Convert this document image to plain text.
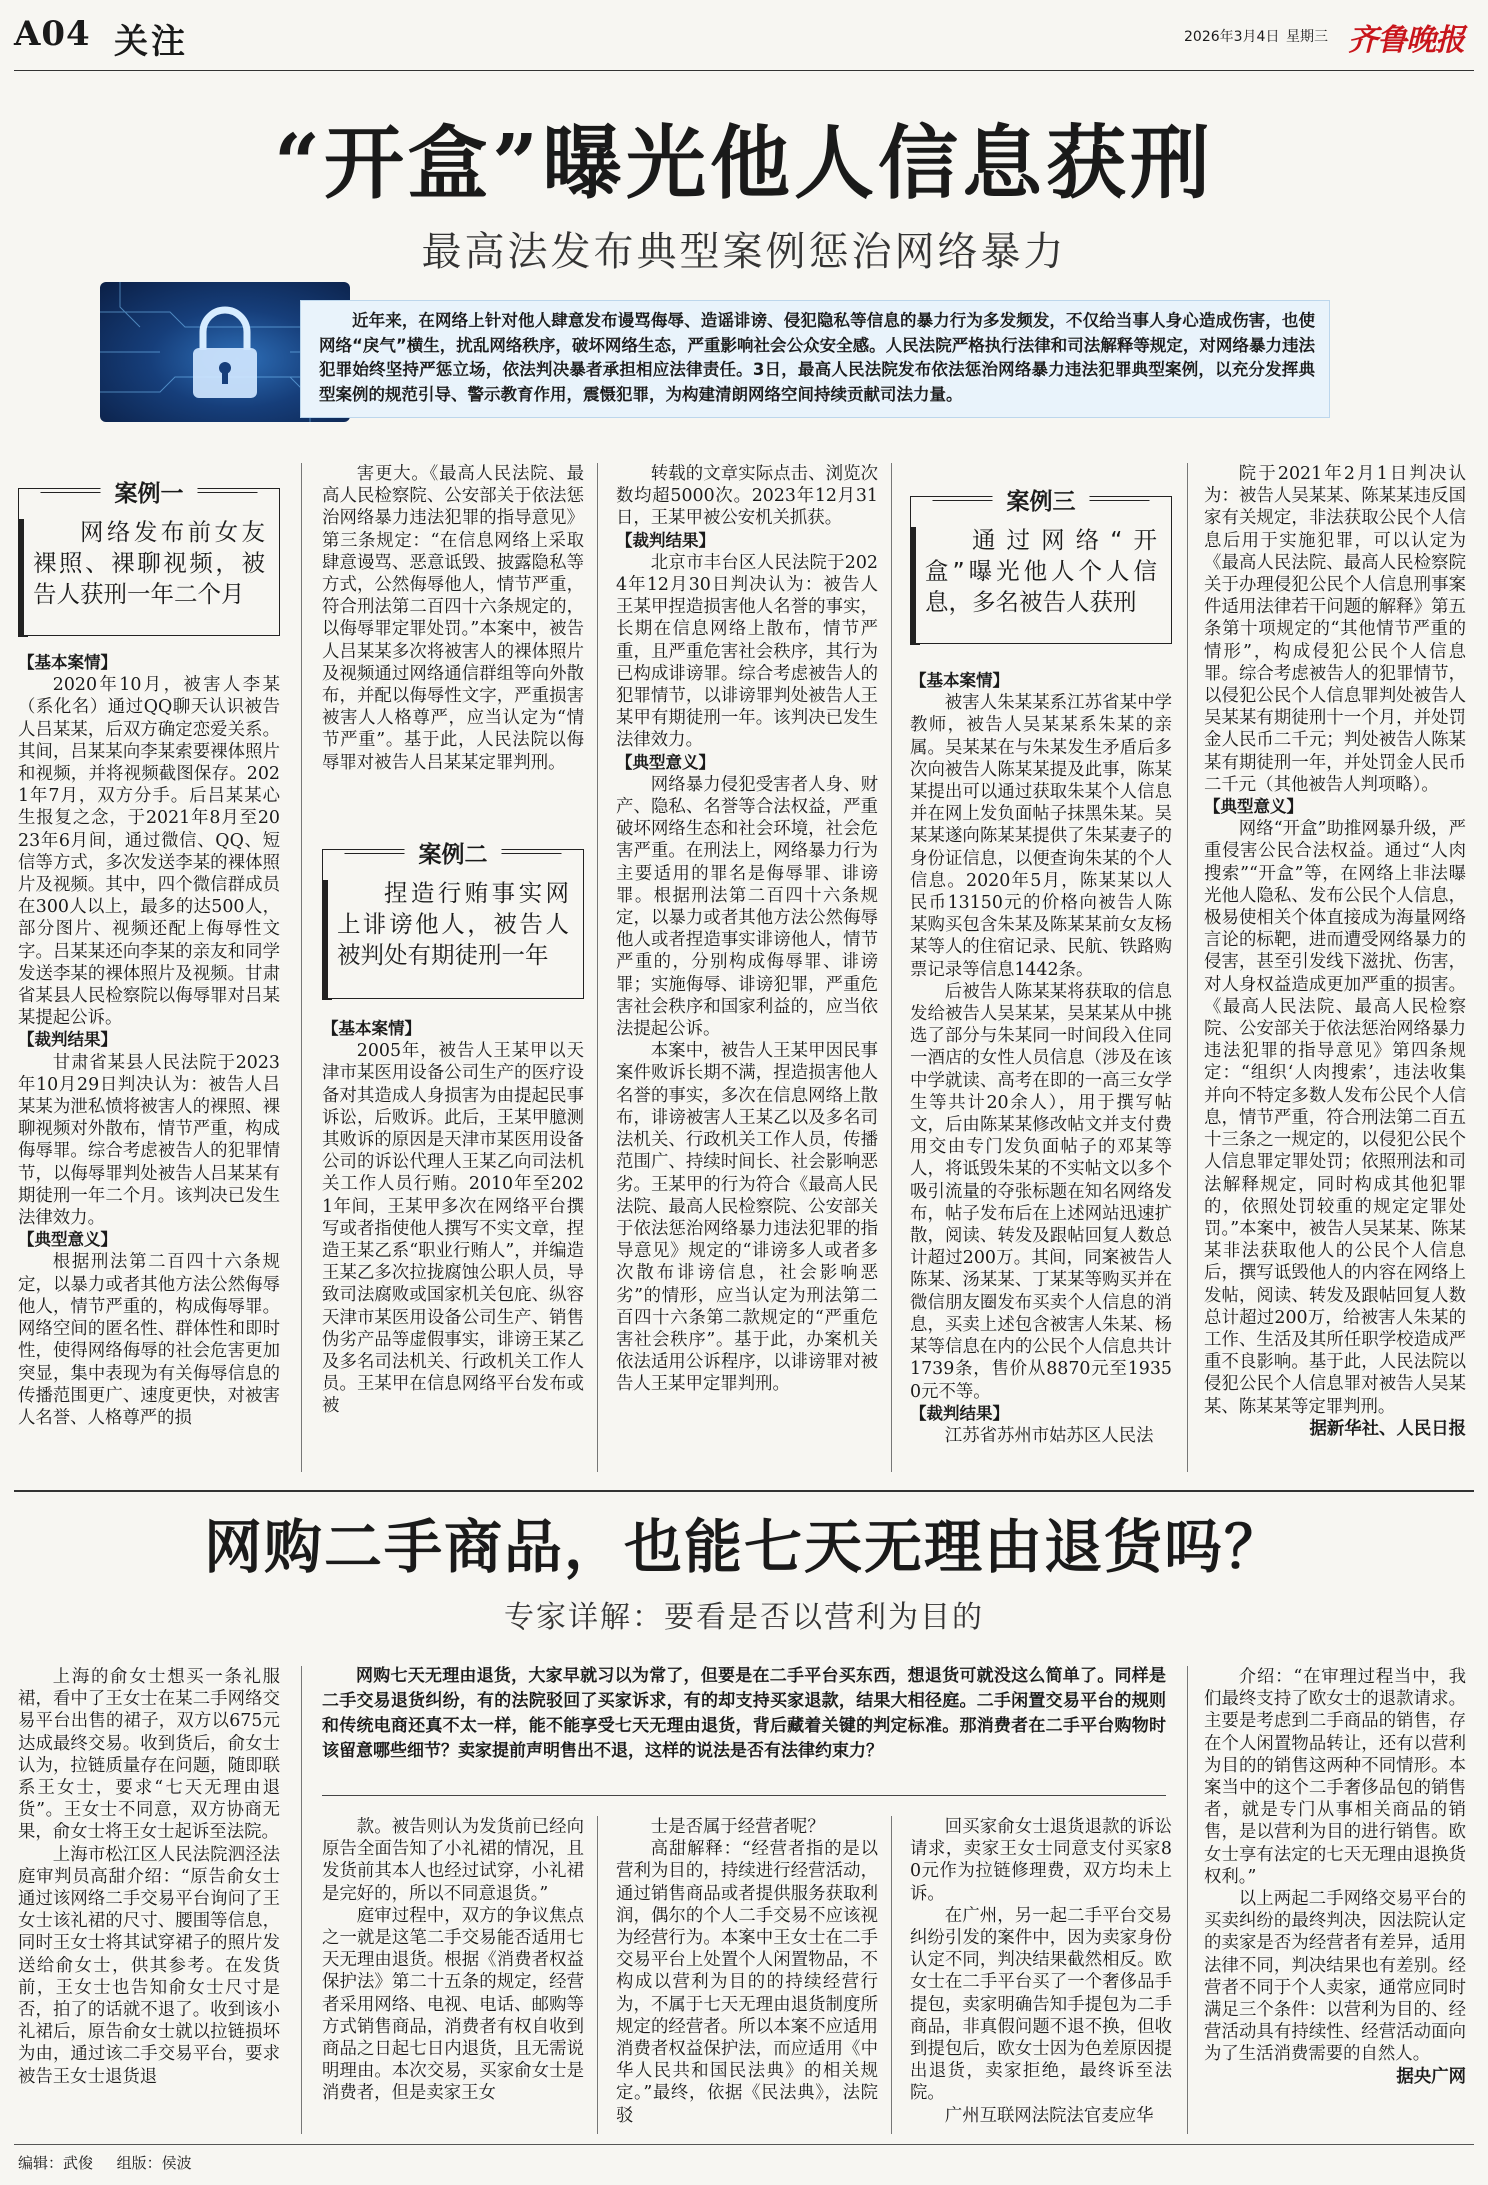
A04 关注	2026年3月4日 星期三 齐鲁晚报
“开盒”曝光他人信息获刑
最高法发布典型案例惩治网络暴力

近年来，在网络上针对他人肆意发布谩骂侮辱、造谣诽谤、侵犯隐私等信息的暴力行为多发频发，不仅给当事人身心造成伤害，也使网络“戾气”横生，扰乱网络秩序，破坏网络生态，严重影响社会公众安全感。人民法院严格执行法律和司法解释等规定，对网络暴力违法犯罪始终坚持严惩立场，依法判决暴者承担相应法律责任。3日，最高人民法院发布依法惩治网络暴力违法犯罪典型案例，以充分发挥典型案例的规范引导、警示教育作用，震慑犯罪，为构建清朗网络空间持续贡献司法力量。

案例一
网络发布前女友裸照、裸聊视频，被告人获刑一年二个月
案例二
捏造行贿事实网上诽谤他人，被告人被判处有期徒刑一年
案例三
通过网络“开盒”曝光他人个人信息，多名被告人获刑

【基本案情】

2020年10月，被害人李某（系化名）通过QQ聊天认识被告人吕某某，后双方确定恋爱关系。其间，吕某某向李某索要裸体照片和视频，并将视频截图保存。2021年7月，双方分手。后吕某某心生报复之念，于2021年8月至2023年6月间，通过微信、QQ、短信等方式，多次发送李某的裸体照片及视频。其中，四个微信群成员在300人以上，最多的达500人，部分图片、视频还配上侮辱性文字。吕某某还向李某的亲友和同学发送李某的裸体照片及视频。甘肃省某县人民检察院以侮辱罪对吕某某提起公诉。

【裁判结果】

甘肃省某县人民法院于2023年10月29日判决认为：被告人吕某某为泄私愤将被害人的裸照、裸聊视频对外散布，情节严重，构成侮辱罪。综合考虑被告人的犯罪情节，以侮辱罪判处被告人吕某某有期徒刑一年二个月。该判决已发生法律效力。

【典型意义】

根据刑法第二百四十六条规定，以暴力或者其他方法公然侮辱他人，情节严重的，构成侮辱罪。网络空间的匿名性、群体性和即时性，使得网络侮辱的社会危害更加突显，集中表现为有关侮辱信息的传播范围更广、速度更快，对被害人名誉、人格尊严的损

害更大。《最高人民法院、最高人民检察院、公安部关于依法惩治网络暴力违法犯罪的指导意见》第三条规定：“在信息网络上采取肆意谩骂、恶意诋毁、披露隐私等方式，公然侮辱他人，情节严重，符合刑法第二百四十六条规定的，以侮辱罪定罪处罚。”本案中，被告人吕某某多次将被害人的裸体照片及视频通过网络通信群组等向外散布，并配以侮辱性文字，严重损害被害人人格尊严，应当认定为“情节严重”。基于此，人民法院以侮辱罪对被告人吕某某定罪判刑。

【基本案情】

2005年，被告人王某甲以天津市某医用设备公司生产的医疗设备对其造成人身损害为由提起民事诉讼，后败诉。此后，王某甲臆测其败诉的原因是天津市某医用设备公司的诉讼代理人王某乙向司法机关工作人员行贿。2010年至2021年间，王某甲多次在网络平台撰写或者指使他人撰写不实文章，捏造王某乙系“职业行贿人”，并编造王某乙多次拉拢腐蚀公职人员，导致司法腐败或国家机关包庇、纵容天津市某医用设备公司生产、销售伪劣产品等虚假事实，诽谤王某乙及多名司法机关、行政机关工作人员。王某甲在信息网络平台发布或被

转载的文章实际点击、浏览次数均超5000次。2023年12月31日，王某甲被公安机关抓获。

【裁判结果】

北京市丰台区人民法院于2024年12月30日判决认为：被告人王某甲捏造损害他人名誉的事实，长期在信息网络上散布，情节严重，且严重危害社会秩序，其行为已构成诽谤罪。综合考虑被告人的犯罪情节，以诽谤罪判处被告人王某甲有期徒刑一年。该判决已发生法律效力。

【典型意义】

网络暴力侵犯受害者人身、财产、隐私、名誉等合法权益，严重破坏网络生态和社会环境，社会危害严重。在刑法上，网络暴力行为主要适用的罪名是侮辱罪、诽谤罪。根据刑法第二百四十六条规定，以暴力或者其他方法公然侮辱他人或者捏造事实诽谤他人，情节严重的，分别构成侮辱罪、诽谤罪；实施侮辱、诽谤犯罪，严重危害社会秩序和国家利益的，应当依法提起公诉。

本案中，被告人王某甲因民事案件败诉长期不满，捏造损害他人名誉的事实，多次在信息网络上散布，诽谤被害人王某乙以及多名司法机关、行政机关工作人员，传播范围广、持续时间长、社会影响恶劣。王某甲的行为符合《最高人民法院、最高人民检察院、公安部关于依法惩治网络暴力违法犯罪的指导意见》规定的“诽谤多人或者多次散布诽谤信息，社会影响恶劣”的情形，应当认定为刑法第二百四十六条第二款规定的“严重危害社会秩序”。基于此，办案机关依法适用公诉程序，以诽谤罪对被告人王某甲定罪判刑。

【基本案情】

被害人朱某某系江苏省某中学教师，被告人吴某某系朱某的亲属。吴某某在与朱某发生矛盾后多次向被告人陈某某提及此事，陈某某提出可以通过获取朱某个人信息并在网上发负面帖子抹黑朱某。吴某某遂向陈某某提供了朱某妻子的身份证信息，以便查询朱某的个人信息。2020年5月，陈某某以人民币13150元的价格向被告人陈某购买包含朱某及陈某某前女友杨某等人的住宿记录、民航、铁路购票记录等信息1442条。

后被告人陈某某将获取的信息发给被告人吴某某，吴某某从中挑选了部分与朱某同一时间段入住同一酒店的女性人员信息（涉及在该中学就读、高考在即的一高三女学生等共计20余人），用于撰写帖文，后由陈某某修改帖文并支付费用交由专门发负面帖子的邓某等人，将诋毁朱某的不实帖文以多个吸引流量的夺张标题在知名网络发布，帖子发布后在上述网站迅速扩散，阅读、转发及跟帖回复人数总计超过200万。其间，同案被告人陈某、汤某某、丁某某等购买并在微信朋友圈发布买卖个人信息的消息，买卖上述包含被害人朱某、杨某等信息在内的公民个人信息共计1739条，售价从8870元至19350元不等。

【裁判结果】

江苏省苏州市姑苏区人民法

院于2021年2月1日判决认为：被告人吴某某、陈某某违反国家有关规定，非法获取公民个人信息后用于实施犯罪，可以认定为《最高人民法院、最高人民检察院关于办理侵犯公民个人信息刑事案件适用法律若干问题的解释》第五条第十项规定的“其他情节严重的情形”，构成侵犯公民个人信息罪。综合考虑被告人的犯罪情节，以侵犯公民个人信息罪判处被告人吴某某有期徒刑十一个月，并处罚金人民币二千元；判处被告人陈某某有期徒刑一年，并处罚金人民币二千元（其他被告人判项略）。

【典型意义】

网络“开盒”助推网暴升级，严重侵害公民合法权益。通过“人肉搜索”“开盒”等，在网络上非法曝光他人隐私、发布公民个人信息，极易使相关个体直接成为海量网络言论的标靶，进而遭受网络暴力的侵害，甚至引发线下滋扰、伤害，对人身权益造成更加严重的损害。《最高人民法院、最高人民检察院、公安部关于依法惩治网络暴力违法犯罪的指导意见》第四条规定：“组织‘人肉搜索’，违法收集并向不特定多数人发布公民个人信息，情节严重，符合刑法第二百五十三条之一规定的，以侵犯公民个人信息罪定罪处罚；依照刑法和司法解释规定，同时构成其他犯罪的，依照处罚较重的规定定罪处罚。”本案中，被告人吴某某、陈某某非法获取他人的公民个人信息后，撰写诋毁他人的内容在网络上发帖，阅读、转发及跟帖回复人数总计超过200万，给被害人朱某的工作、生活及其所任职学校造成严重不良影响。基于此，人民法院以侵犯公民个人信息罪对被告人吴某某、陈某某等定罪判刑。

据新华社、人民日报

网购二手商品，也能七天无理由退货吗？
专家详解：要看是否以营利为目的

网购七天无理由退货，大家早就习以为常了，但要是在二手平台买东西，想退货可就没这么简单了。同样是二手交易退货纠纷，有的法院驳回了买家诉求，有的却支持买家退款，结果大相径庭。二手闲置交易平台的规则和传统电商还真不太一样，能不能享受七天无理由退货，背后藏着关键的判定标准。那消费者在二手平台购物时该留意哪些细节？卖家提前声明售出不退，这样的说法是否有法律约束力？

上海的俞女士想买一条礼服裙，看中了王女士在某二手网络交易平台出售的裙子，双方以675元达成最终交易。收到货后，俞女士认为，拉链质量存在问题，随即联系王女士，要求“七天无理由退货”。王女士不同意，双方协商无果，俞女士将王女士起诉至法院。

上海市松江区人民法院泗泾法庭审判员高甜介绍：“原告俞女士通过该网络二手交易平台询问了王女士该礼裙的尺寸、腰围等信息，同时王女士将其试穿裙子的照片发送给俞女士，供其参考。在发货前，王女士也告知俞女士尺寸是否，拍了的话就不退了。收到该小礼裙后，原告俞女士就以拉链损坏为由，通过该二手交易平台，要求被告王女士退货退

款。被告则认为发货前已经向原告全面告知了小礼裙的情况，且发货前其本人也经过试穿，小礼裙是完好的，所以不同意退货。”

庭审过程中，双方的争议焦点之一就是这笔二手交易能否适用七天无理由退货。根据《消费者权益保护法》第二十五条的规定，经营者采用网络、电视、电话、邮购等方式销售商品，消费者有权自收到商品之日起七日内退货，且无需说明理由。本次交易，买家俞女士是消费者，但是卖家王女

士是否属于经营者呢？

高甜解释：“经营者指的是以营利为目的，持续进行经营活动，通过销售商品或者提供服务获取利润，偶尔的个人二手交易不应该视为经营行为。本案中王女士在二手交易平台上处置个人闲置物品，不构成以营利为目的的持续经营行为，不属于七天无理由退货制度所规定的经营者。所以本案不应适用消费者权益保护法，而应适用《中华人民共和国民法典》的相关规定。”最终，依据《民法典》，法院驳

回买家俞女士退货退款的诉讼请求，卖家王女士同意支付买家80元作为拉链修理费，双方均未上诉。

在广州，另一起二手平台交易纠纷引发的案件中，因为卖家身份认定不同，判决结果截然相反。欧女士在二手平台买了一个奢侈品手提包，卖家明确告知手提包为二手商品，非真假问题不退不换，但收到提包后，欧女士因为色差原因提出退货，卖家拒绝，最终诉至法院。

广州互联网法院法官麦应华

介绍：“在审理过程当中，我们最终支持了欧女士的退款请求。主要是考虑到二手商品的销售，存在个人闲置物品转让，还有以营利为目的的销售这两种不同情形。本案当中的这个二手奢侈品包的销售者，就是专门从事相关商品的销售，是以营利为目的进行销售。欧女士享有法定的七天无理由退换货权利。”

以上两起二手网络交易平台的买卖纠纷的最终判决，因法院认定的卖家是否为经营者有差异，适用法律不同，判决结果也有差别。经营者不同于个人卖家，通常应同时满足三个条件：以营利为目的、经营活动具有持续性、经营活动面向为了生活消费需要的自然人。

据央广网

编辑：武俊 组版：侯波
